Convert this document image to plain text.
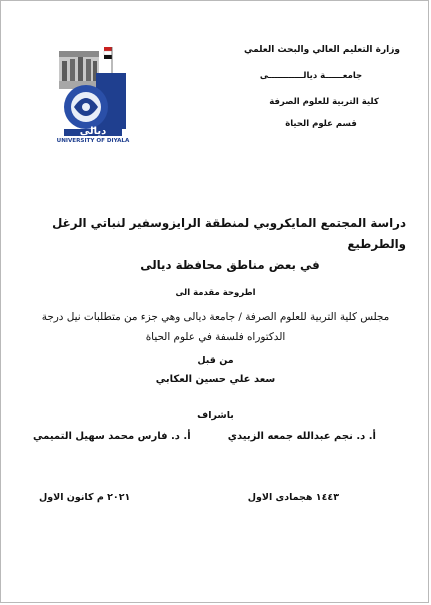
وزارة التعليم العالي والبحث العلمي
جامعــــــة ديالــــــــــــى
كلية التربية للعلوم الصرفة
قسم علوم الحياة
ديالى
UNIVERSITY OF DIYALA
دراسة المجتمع المايكروبي لمنطقة الرايزوسفير لنباتي الرغل والطرطيع
في بعض مناطق محافظة ديالى
اطروحة مقدمة الى
مجلس كلية التربية للعلوم الصرفة / جامعة ديالى وهي جزء من متطلبات نيل درجة
الدكتوراه فلسفة في علوم الحياة
من قبل
سعد علي حسين العكابي
باشراف
أ. د. نجم عبدالله جمعه الزبيدي
أ. د. فارس محمد سهيل التميمي
١٤٤٣ هجمادى الاول
٢٠٢١ م كانون الاول
